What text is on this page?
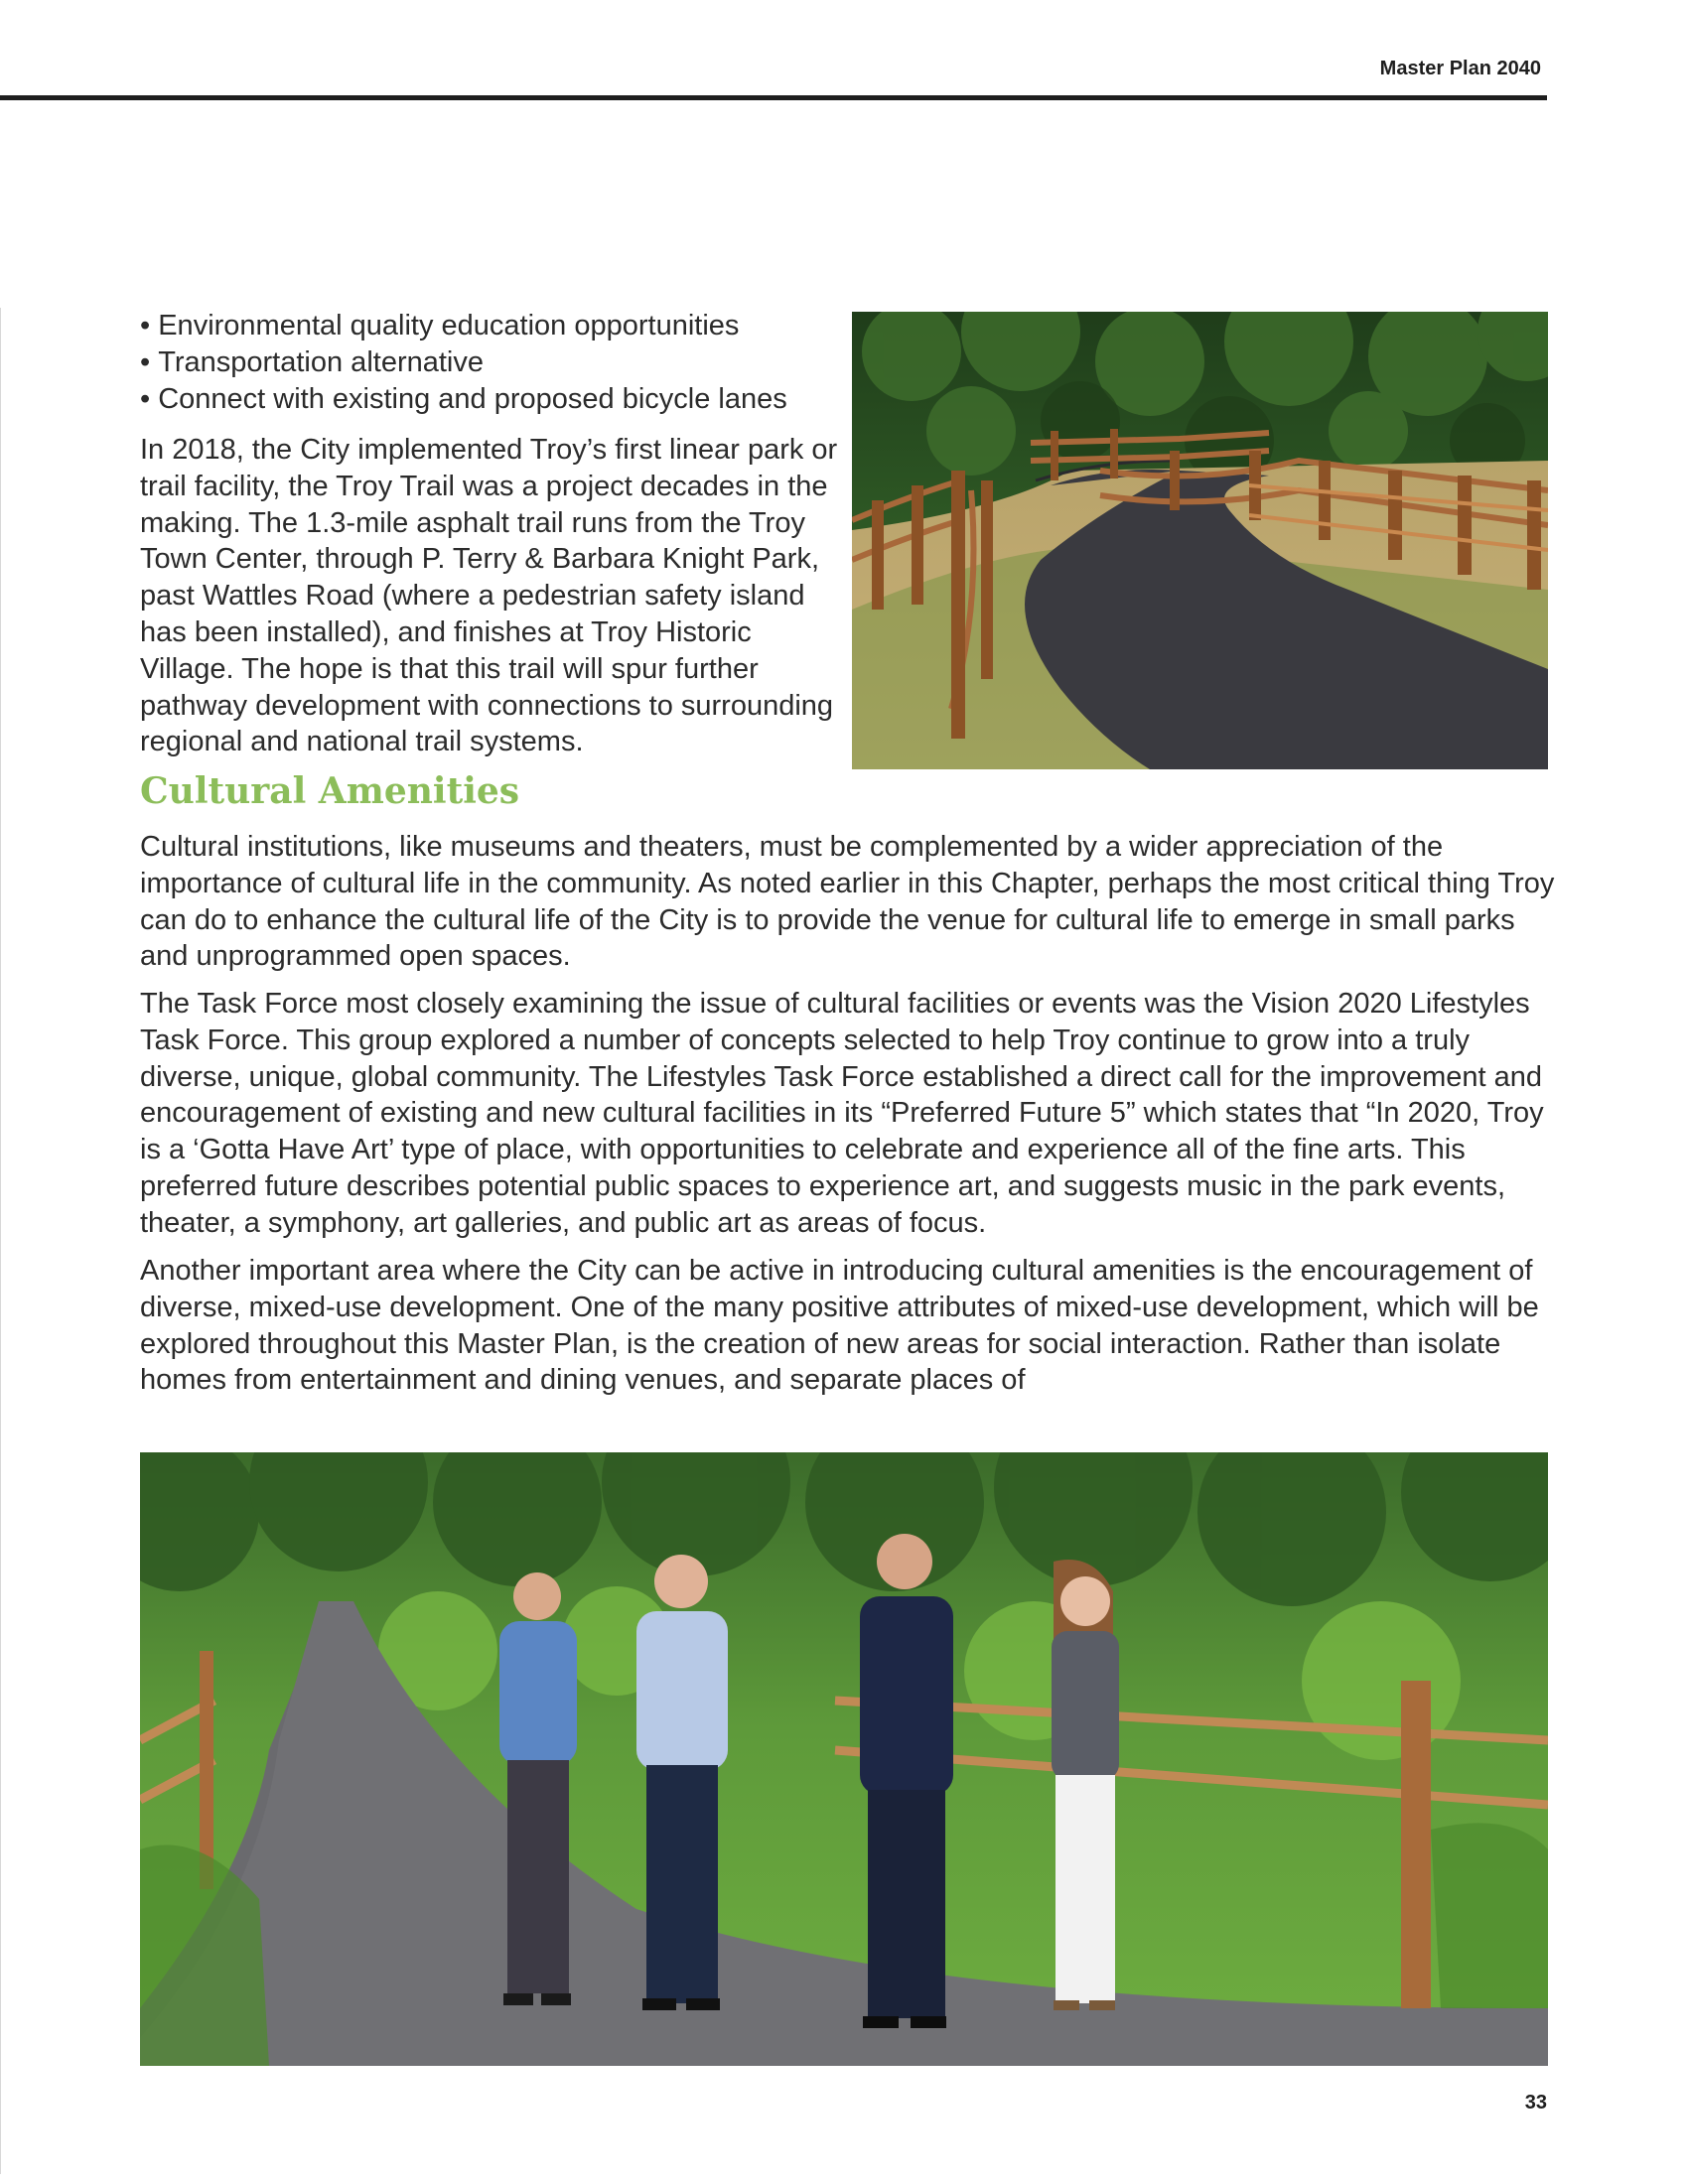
Master Plan 2040
• Environmental quality education opportunities
• Transportation alternative
• Connect with existing and proposed bicycle lanes

In 2018, the City implemented Troy’s first linear park or trail facility, the Troy Trail was a project decades in the making. The 1.3-mile asphalt trail runs from the Troy Town Center, through P. Terry & Barbara Knight Park, past Wattles Road (where a pedestrian safety island has been installed), and finishes at Troy Historic Village. The hope is that this trail will spur further pathway development with connections to surrounding regional and national trail systems.

Cultural Amenities

Cultural institutions, like museums and theaters, must be complemented by a wider appreciation of the importance of cultural life in the community. As noted earlier in this Chapter, perhaps the most critical thing Troy can do to enhance the cultural life of the City is to provide the venue for cultural life to emerge in small parks and unprogrammed open spaces.

The Task Force most closely examining the issue of cultural facilities or events was the Vision 2020 Lifestyles Task Force. This group explored a number of concepts selected to help Troy continue to grow into a truly diverse, unique, global community. The Lifestyles Task Force established a direct call for the improvement and encouragement of existing and new cultural facilities in its “Preferred Future 5” which states that “In 2020, Troy is a ‘Gotta Have Art’ type of place, with opportunities to celebrate and experience all of the fine arts. This preferred future describes potential public spaces to experience art, and suggests music in the park events, theater, a symphony, art galleries, and public art as areas of focus.

Another important area where the City can be active in introducing cultural amenities is the encouragement of diverse, mixed-use development. One of the many positive attributes of mixed-use development, which will be explored throughout this Master Plan, is the creation of new areas for social interaction. Rather than isolate homes from entertainment and dining venues, and separate places of

33
